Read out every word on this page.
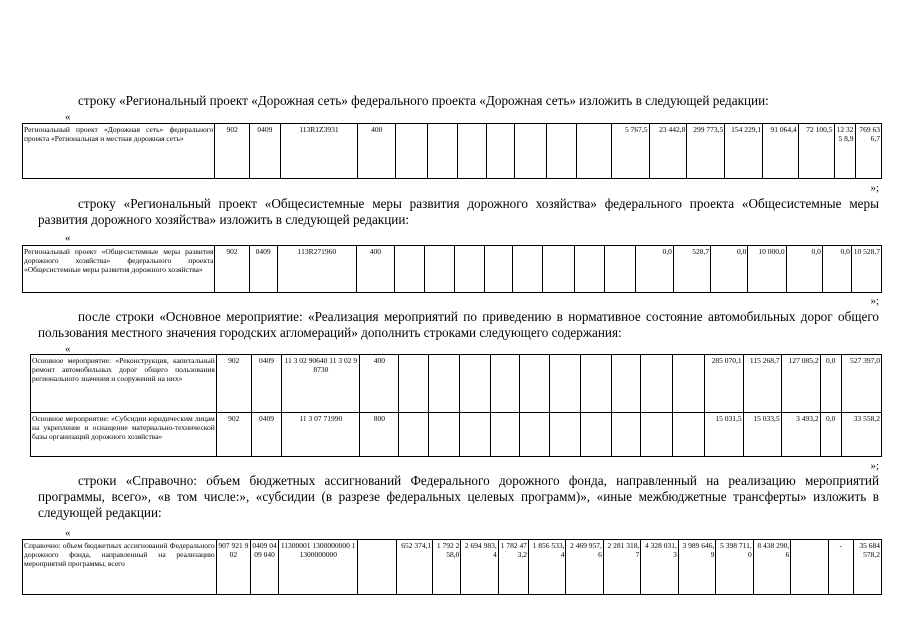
строку «Региональный проект «Дорожная сеть» федерального проекта «Дорожная сеть» изложить в следующей редакции:
«
Региональный проект «Дорожная сеть» федерального проекта «Региональная и местная дорожная сеть»	902	0409	113R1Z3931	400								5 767,5	23 442,8	299 773,5	154 229,1	91 064,4	72 100,5	12 325 8,9	769 636,7
»;
строку «Региональный проект «Общесистемные меры развития дорожного хозяйства» федерального проекта «Общесистемные меры развития дорожного хозяйства» изложить в следующей редакции:
«
Региональный проект «Общесистемные меры развития дорожного хозяйства» федерального проекта «Общесистемные меры развития дорожного хозяйства»	902	0409	113R271960	400									0,0	528,7	0,0	10 000,0	0,0	0,0	10 528,7
»;
после строки «Основное мероприятие: «Реализация мероприятий по приведению в нормативное состояние автомобильных дорог общего пользования местного значения городских агломераций» дополнить строками следующего содержания:
«
Основное мероприятие: «Реконструкция, капитальный ремонт автомобильных дорог общего пользования регионального значения и сооружений на них»	902	0409	11 3 02 90640 11 3 02 98730	400											285 070,1	115 268,7	127 085,2	0,0	527 397,0
Основное мероприятие: «Субсидии юридическим лицам на укрепление и оснащение материально-технической базы организаций дорожного хозяйства»	902	0409	11 3 07 71990	800											15 031,5	15 033,5	3 493,2	0,0	33 558,2
»;
строки «Справочно: объем бюджетных ассигнований Федерального дорожного фонда, направленный на реализацию мероприятий программы, всего», «в том числе:», «субсидии (в разрезе федеральных целевых программ)», «иные межбюджетные трансферты» изложить в следующей редакции:
«
Справочно: объем бюджетных ассигнований Федерального дорожного фонда, направленный на реализацию мероприятий программы, всего	907 921 902	0409 0409 040	11300001 1300000000 11300000000		652 374,1	1 792 258,0	2 694 983,4	1 782 473,2	1 856 533,4	2 469 957,6	2 281 318,7	4 328 031,3	3 989 646,9	5 398 711,0	8 438 290,6		-	35 684 578,2
